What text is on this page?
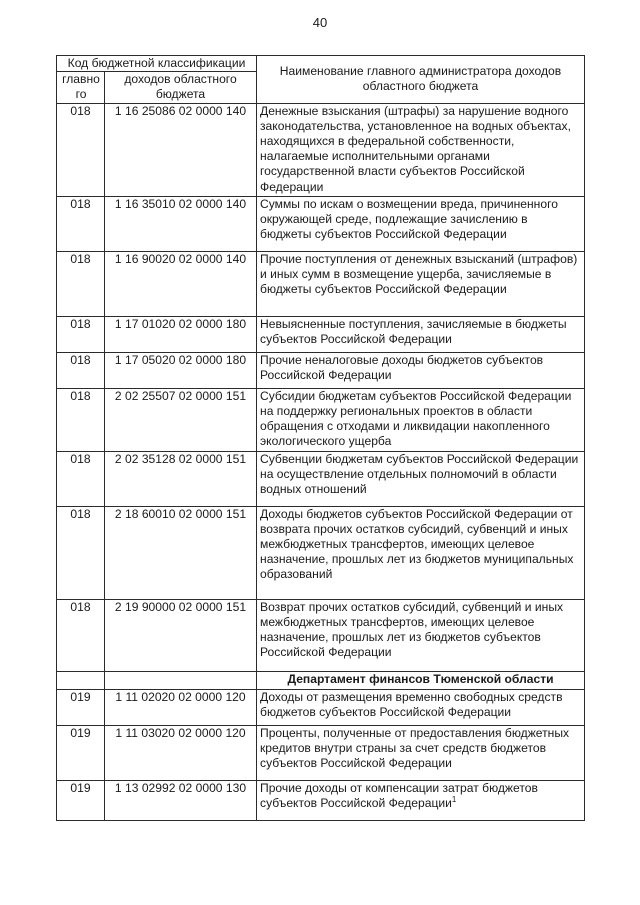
40
Код бюджетной классификации		Наименование главного администратора доходов областного бюджета
главного	доходов областного бюджета	
018	1 16 25086 02 0000 140	Денежные взыскания (штрафы) за нарушение водного законодательства, установленное на водных объектах, находящихся в федеральной собственности, налагаемые исполнительными органами государственной власти субъектов Российской Федерации
018	1 16 35010 02 0000 140	Суммы по искам о возмещении вреда, причиненного окружающей среде, подлежащие зачислению в бюджеты субъектов Российской Федерации
018	1 16 90020 02 0000 140	Прочие поступления от денежных взысканий (штрафов) и иных сумм в возмещение ущерба, зачисляемые в бюджеты субъектов Российской Федерации
018	1 17 01020 02 0000 180	Невыясненные поступления, зачисляемые в бюджеты субъектов Российской Федерации
018	1 17 05020 02 0000 180	Прочие неналоговые доходы бюджетов субъектов Российской Федерации
018	2 02 25507 02 0000 151	Субсидии бюджетам субъектов Российской Федерации на поддержку региональных проектов в области обращения с отходами и ликвидации накопленного экологического ущерба
018	2 02 35128 02 0000 151	Субвенции бюджетам субъектов Российской Федерации на осуществление отдельных полномочий в области водных отношений
018	2 18 60010 02 0000 151	Доходы бюджетов субъектов Российской Федерации от возврата прочих остатков субсидий, субвенций и иных межбюджетных трансфертов, имеющих целевое назначение, прошлых лет из бюджетов муниципальных образований
018	2 19 90000 02 0000 151	Возврат прочих остатков субсидий, субвенций и иных межбюджетных трансфертов, имеющих целевое назначение, прошлых лет из бюджетов субъектов Российской Федерации
		Департамент финансов Тюменской области
019	1 11 02020 02 0000 120	Доходы от размещения временно свободных средств бюджетов субъектов Российской Федерации
019	1 11 03020 02 0000 120	Проценты, полученные от предоставления бюджетных кредитов внутри страны за счет средств бюджетов субъектов Российской Федерации
019	1 13 02992 02 0000 130	Прочие доходы от компенсации затрат бюджетов субъектов Российской Федерации$^1$
